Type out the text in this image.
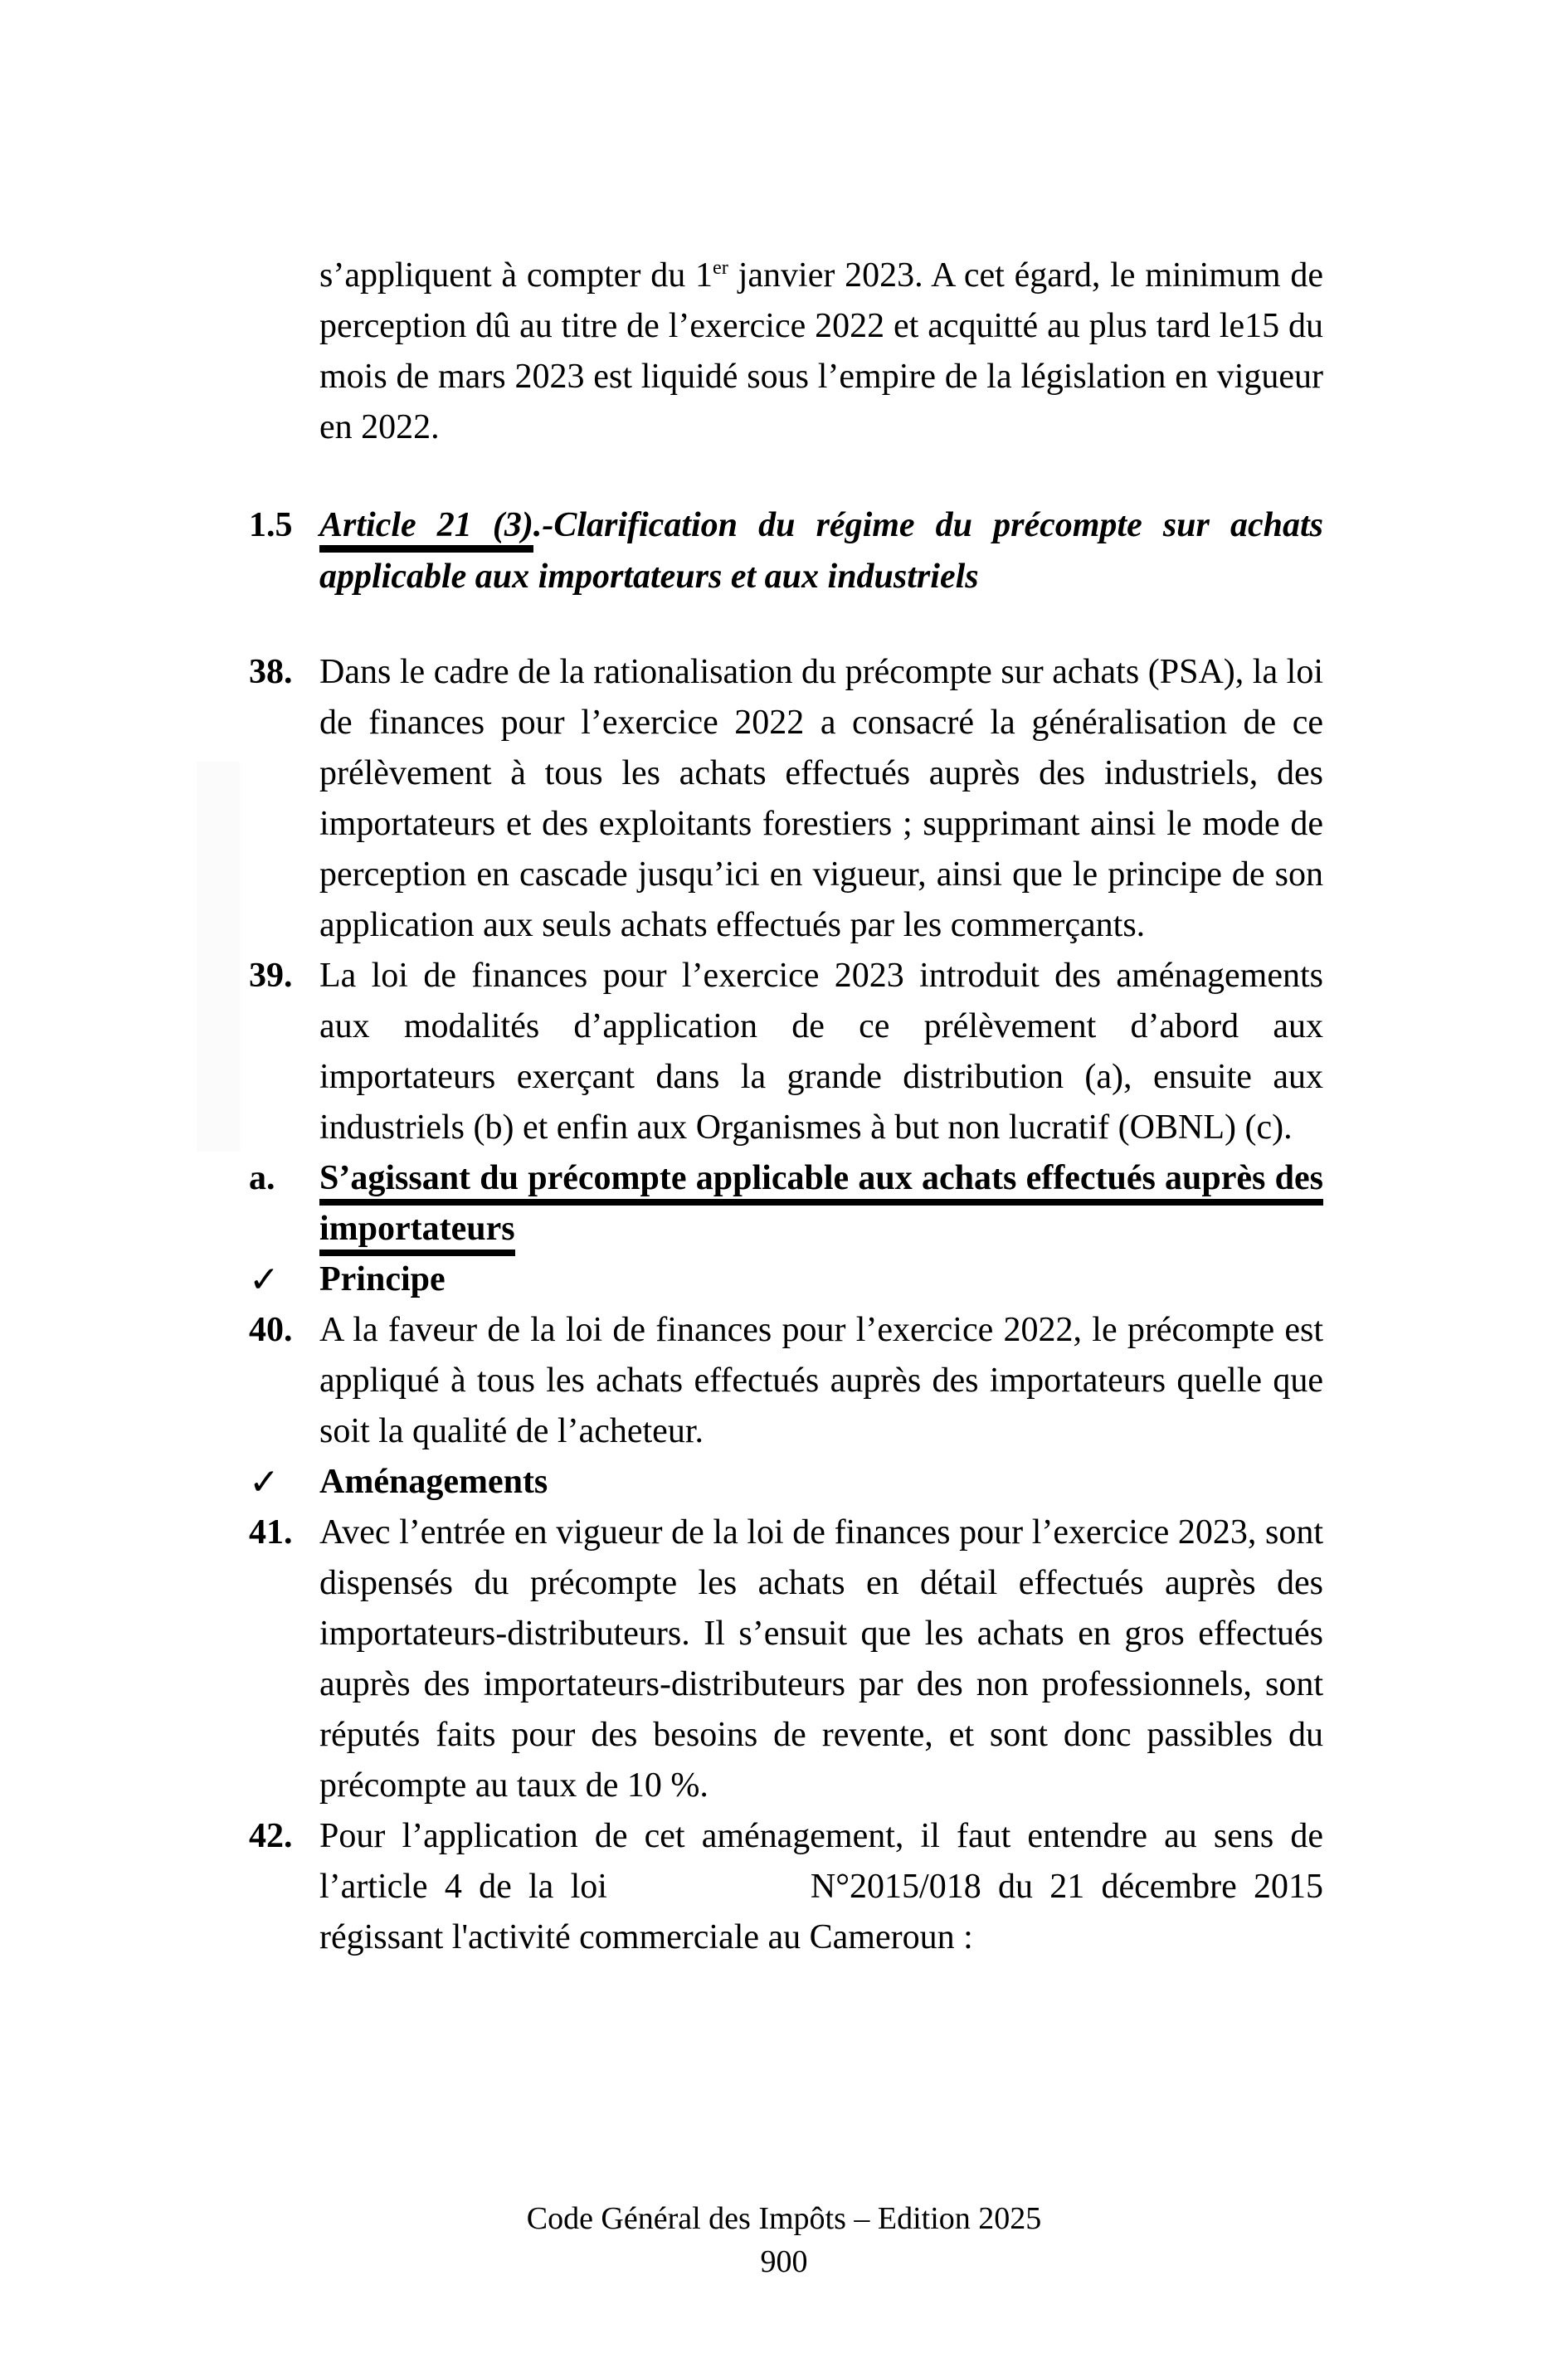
s’appliquent à compter du 1er janvier 2023. A cet égard, le minimum de perception dû au titre de l’exercice 2022 et acquitté au plus tard le15 du mois de mars 2023 est liquidé sous l’empire de la législation en vigueur en 2022.
1.5 Article 21 (3).-Clarification du régime du précompte sur achats applicable aux importateurs et aux industriels
38. Dans le cadre de la rationalisation du précompte sur achats (PSA), la loi de finances pour l’exercice 2022 a consacré la généralisation de ce prélèvement à tous les achats effectués auprès des industriels, des importateurs et des exploitants forestiers ; supprimant ainsi le mode de perception en cascade jusqu’ici en vigueur, ainsi que le principe de son application aux seuls achats effectués par les commerçants.
39. La loi de finances pour l’exercice 2023 introduit des aménagements aux modalités d’application de ce prélèvement d’abord aux importateurs exerçant dans la grande distribution (a), ensuite aux industriels (b) et enfin aux Organismes à but non lucratif (OBNL) (c).
a. S’agissant du précompte applicable aux achats effectués auprès des importateurs
✓ Principe
40. A la faveur de la loi de finances pour l’exercice 2022, le précompte est appliqué à tous les achats effectués auprès des importateurs quelle que soit la qualité de l’acheteur.
✓ Aménagements
41. Avec l’entrée en vigueur de la loi de finances pour l’exercice 2023, sont dispensés du précompte les achats en détail effectués auprès des importateurs-distributeurs. Il s’ensuit que les achats en gros effectués auprès des importateurs-distributeurs par des non professionnels, sont réputés faits pour des besoins de revente, et sont donc passibles du précompte au taux de 10 %.
42. Pour l’application de cet aménagement, il faut entendre au sens de l’article 4 de la loi	N°2015/018 du 21 décembre 2015 régissant l'activité commerciale au Cameroun :
Code Général des Impôts – Edition 2025
900
